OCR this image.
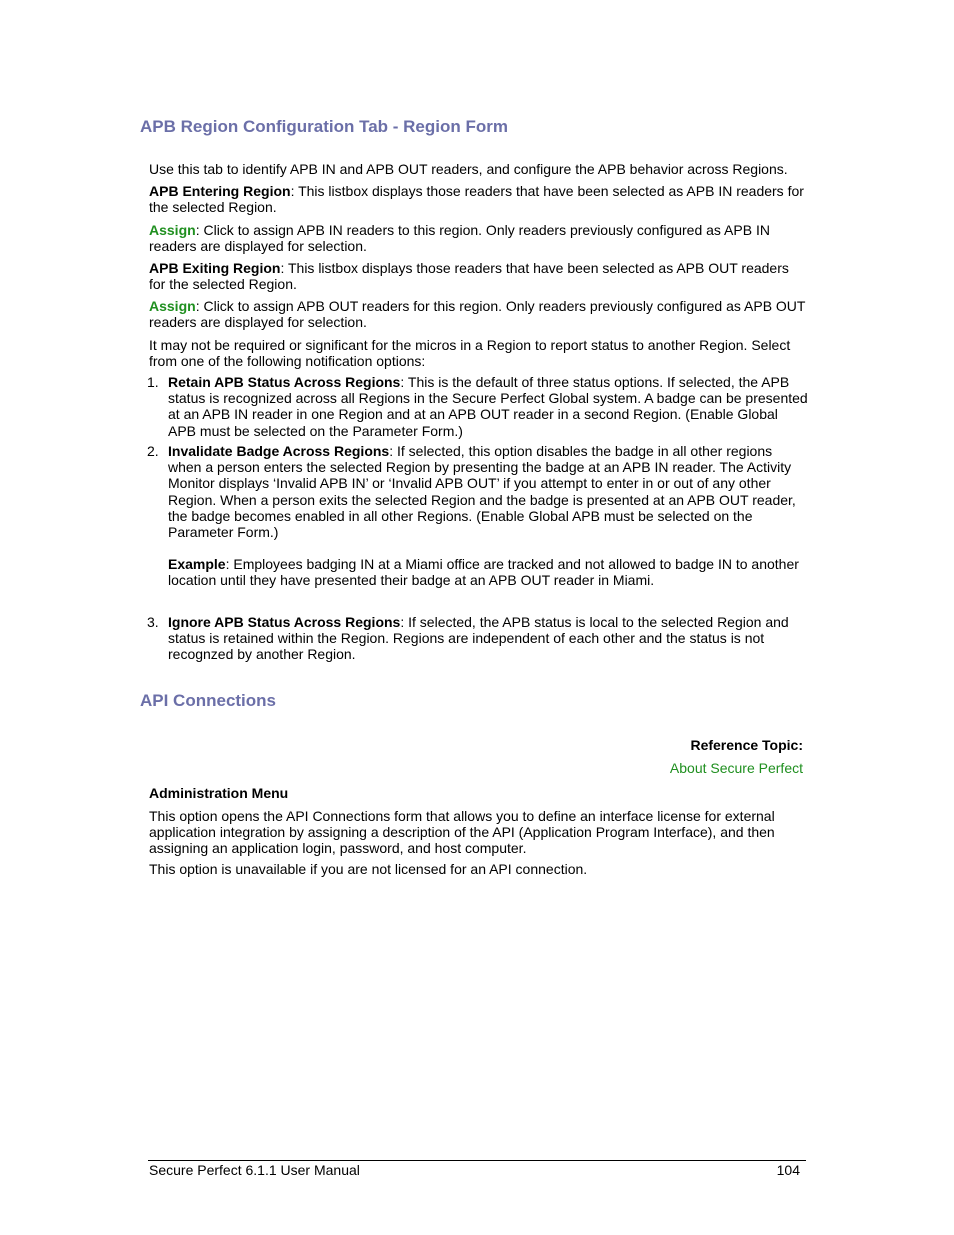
APB Region Configuration Tab - Region Form

Use this tab to identify APB IN and APB OUT readers, and configure the APB behavior across Regions.

APB Entering Region: This listbox displays those readers that have been selected as APB IN readers for the selected Region.

Assign: Click to assign APB IN readers to this region. Only readers previously configured as APB IN readers are displayed for selection.

APB Exiting Region: This listbox displays those readers that have been selected as APB OUT readers for the selected Region.

Assign: Click to assign APB OUT readers for this region. Only readers previously configured as APB OUT readers are displayed for selection.

It may not be required or significant for the micros in a Region to report status to another Region. Select from one of the following notification options:

1. Retain APB Status Across Regions: This is the default of three status options. If selected, the APB status is recognized across all Regions in the Secure Perfect Global system. A badge can be presented at an APB IN reader in one Region and at an APB OUT reader in a second Region. (Enable Global APB must be selected on the Parameter Form.)
2. Invalidate Badge Across Regions: If selected, this option disables the badge in all other regions when a person enters the selected Region by presenting the badge at an APB IN reader. The Activity Monitor displays ‘Invalid APB IN’ or ‘Invalid APB OUT’ if you attempt to enter in or out of any other Region. When a person exits the selected Region and the badge is presented at an APB OUT reader, the badge becomes enabled in all other Regions. (Enable Global APB must be selected on the Parameter Form.)
Example: Employees badging IN at a Miami office are tracked and not allowed to badge IN to another location until they have presented their badge at an APB OUT reader in Miami.
3. Ignore APB Status Across Regions: If selected, the APB status is local to the selected Region and status is retained within the Region. Regions are independent of each other and the status is not recognzed by another Region.
API Connections
Reference Topic:
About Secure Perfect

Administration Menu

This option opens the API Connections form that allows you to define an interface license for external application integration by assigning a description of the API (Application Program Interface), and then assigning an application login, password, and host computer.

This option is unavailable if you are not licensed for an API connection.

Secure Perfect 6.1.1 User Manual	104
